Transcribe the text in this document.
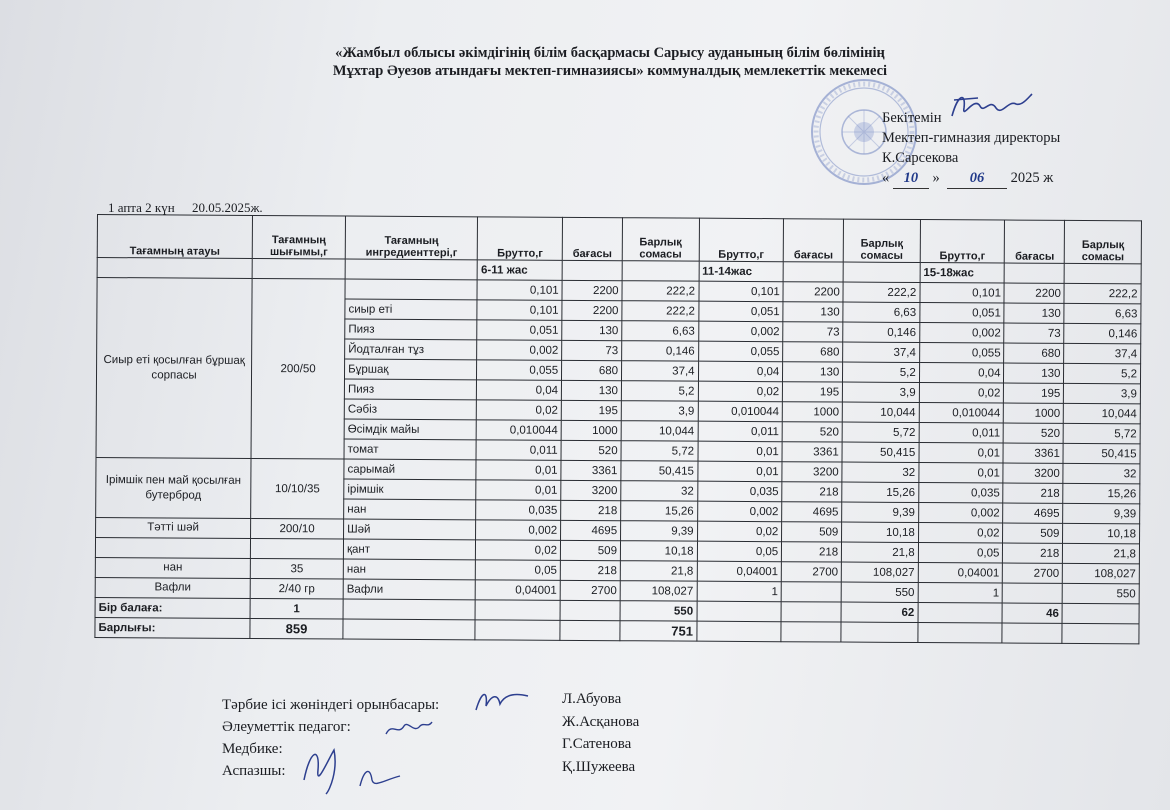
«Жамбыл облысы әкімдігінің білім басқармасы Сарысу ауданының білім бөлімінің
Мұхтар Әуезов атындағы мектеп-гимназиясы» коммуналдық мемлекеттік мекемесі
Бекітемін
Мектеп-гимназия директоры
К.Сарсекова
« 10 » 06 2025 ж
1 апта 2 күн 20.05.2025ж.
Тағамның атауы	Тағамның шығымы,г	Тағамның ингредиенттері,г	Брутто,г	бағасы	Барлық сомасы	Брутто,г	бағасы	Барлық сомасы	Брутто,г	бағасы	Барлық сомасы
			6-11 жас			11-14жас			15-18жас		
Сиыр еті қосылған бұршақ сорпасы	200/50		0,101	2200	222,2	0,101	2200	222,2	0,101	2200	222,2
		сиыр еті	0,101	2200	222,2	0,051	130	6,63	0,051	130	6,63
		Пияз	0,051	130	6,63	0,002	73	0,146	0,002	73	0,146
		Йодталған тұз	0,002	73	0,146	0,055	680	37,4	0,055	680	37,4
		Бұршақ	0,055	680	37,4	0,04	130	5,2	0,04	130	5,2
		Пияз	0,04	130	5,2	0,02	195	3,9	0,02	195	3,9
		Сәбіз	0,02	195	3,9	0,010044	1000	10,044	0,010044	1000	10,044
		Өсімдік майы	0,010044	1000	10,044	0,011	520	5,72	0,011	520	5,72
		томат	0,011	520	5,72	0,01	3361	50,415	0,01	3361	50,415
Ірімшік пен май қосылған бутерброд	10/10/35	сарымай	0,01	3361	50,415	0,01	3200	32	0,01	3200	32
		ірімшік	0,01	3200	32	0,035	218	15,26	0,035	218	15,26
		нан	0,035	218	15,26	0,002	4695	9,39	0,002	4695	9,39
Тәтті шәй	200/10	Шәй	0,002	4695	9,39	0,02	509	10,18	0,02	509	10,18
		қант	0,02	509	10,18	0,05	218	21,8	0,05	218	21,8
нан	35	нан	0,05	218	21,8	0,04001	2700	108,027	0,04001	2700	108,027
Вафли	2/40 гр	Вафли	0,04001	2700	108,027	1		550	1		550
Бір балаға:	1				550			62		46	
Барлығы:	859				751						
Тәрбие ісі жөніндегі орынбасары:
Әлеуметтік педагог:
Медбике:
Аспазшы:
Л.Абуова
Ж.Асқанова
Г.Сатенова
Қ.Шужеева
